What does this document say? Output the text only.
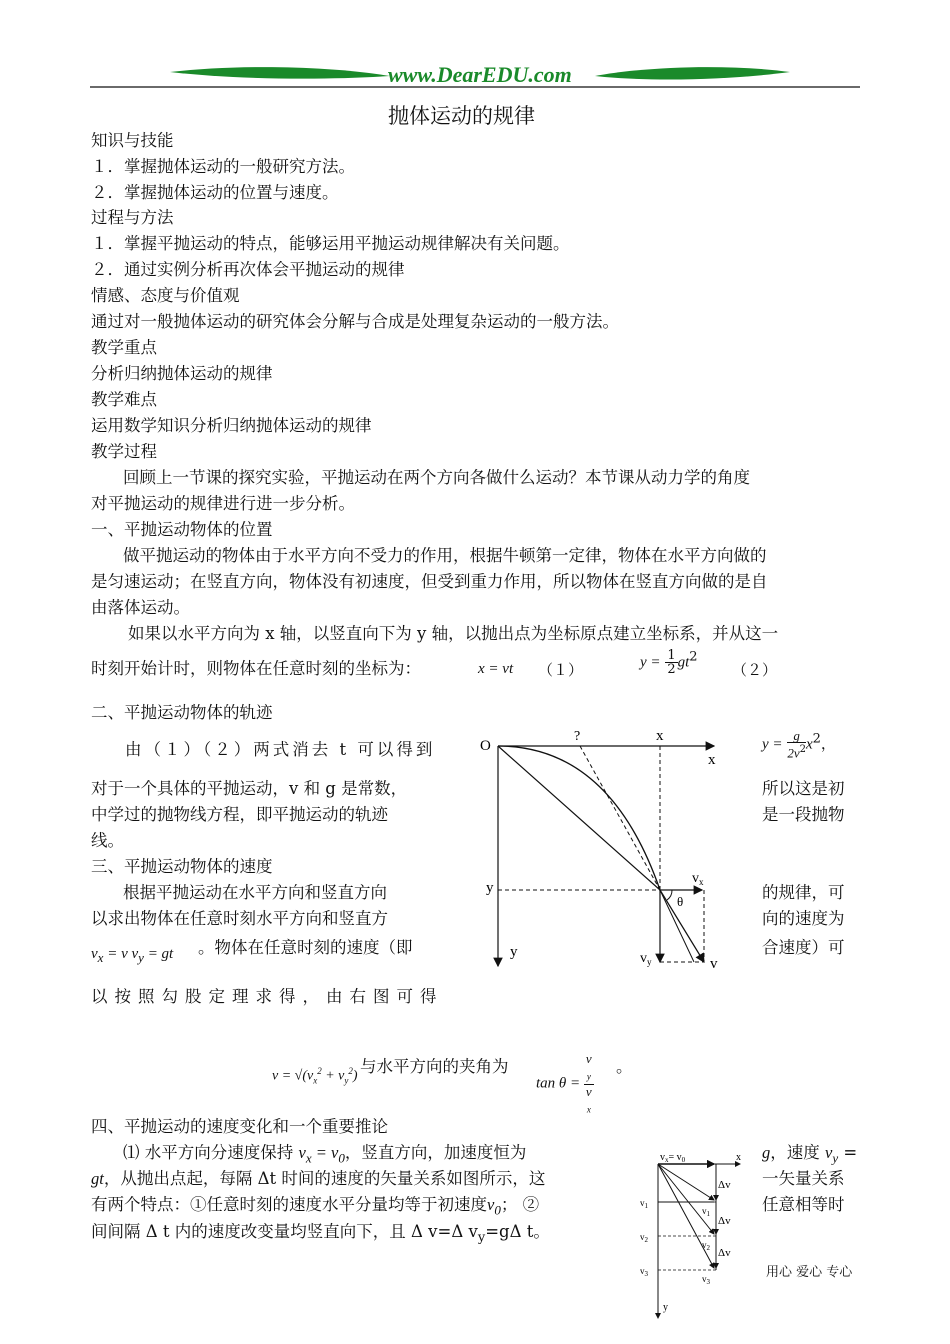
www.DearEDU.com
抛体运动的规律
知识与技能
１．掌握抛体运动的一般研究方法。
２．掌握抛体运动的位置与速度。
过程与方法
１．掌握平抛运动的特点，能够运用平抛运动规律解决有关问题。
２．通过实例分析再次体会平抛运动的规律
情感、态度与价值观
通过对一般抛体运动的研究体会分解与合成是处理复杂运动的一般方法。
教学重点
分析归纳抛体运动的规律
教学难点
运用数学知识分析归纳抛体运动的规律
教学过程
回顾上一节课的探究实验，平抛运动在两个方向各做什么运动？本节课从动力学的角度
对平抛运动的规律进行进一步分析。
一、平抛运动物体的位置
做平抛运动的物体由于水平方向不受力的作用，根据牛顿第一定律，物体在水平方向做的
是匀速运动；在竖直方向，物体没有初速度，但受到重力作用，所以物体在竖直方向做的是自
由落体运动。
如果以水平方向为 x 轴，以竖直向下为 y 轴，以抛出点为坐标原点建立坐标系，并从这一
时刻开始计时，则物体在任意时刻的坐标为：	x = vt （１）	$y = \frac{1}{2} gt^2$
（２）
二、平抛运动物体的轨迹
由（１）（２）两式消去 t 可以得到	$y = \frac{g}{2v^2} x^2$，
对于一个具体的平抛运动，v 和 g 是常数，	所以这是初
中学过的抛物线方程，即平抛运动的轨迹	是一段抛物
线。
三、平抛运动物体的速度
根据平抛运动在水平方向和竖直方向	的规律，可
以求出物体在任意时刻水平方向和竖直方	向的速度为
$v_x = v$ $v_y$ = gt 。物体在任意时刻的速度（即	合速度）可
以按照勾股定理求得，由右图可得
$v = √(v_x^2 + v_y^2)$
与水平方向的夹角为
tan θ = v
$_y$
v
$_x$ 。
四、平抛运动的速度变化和一个重要推论
⑴ 水平方向分速度保持 $v_x = v_0$，竖直方向，加速度恒为	g，速度 $v_y$ =
gt，从抛出点起，每隔 Δt 时间的速度的矢量关系如图所示，这	一矢量关系
有两个特点：①任意时刻的速度水平分量均等于初速度$v_0$； ②	任意相等时
间间隔 Δ t 内的速度改变量均竖直向下，且 Δ v=Δ $v_y=g\Delta$ t。
用心 爱心 专心
O
x
?	x
y
y
$v_x$
θ
$v_y$	v
$v_x= v_0$	x
y
Δv
Δv
Δv
$v_1$	$v_1$
$v_2$	$v_2$
$v_3$	$v_3$
